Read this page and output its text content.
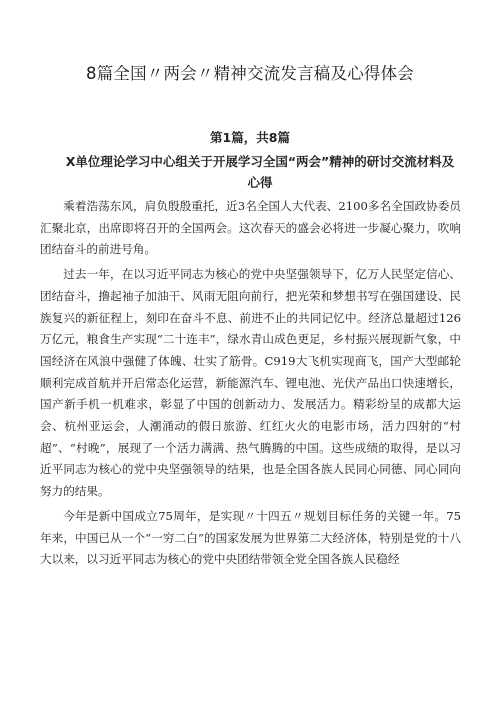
8篇全国〃两会〃精神交流发言稿及心得体会
第1篇，共8篇
X单位理论学习中心组关于开展学习全国“两会”精神的研讨交流材料及心得

乘着浩荡东风，肩负殷殷重托，近3名全国人大代表、2100多名全国政协委员汇聚北京，出席即将召开的全国两会。这次春天的盛会必将进一步凝心聚力，吹响团结奋斗的前进号角。

过去一年，在以习近平同志为核心的党中央坚强领导下，亿万人民坚定信心、团结奋斗，撸起袖子加油干、风雨无阻向前行，把光荣和梦想书写在强国建设、民族复兴的新征程上，刻印在奋斗不息、前进不止的共同记忆中。经济总量超过126万亿元，粮食生产实现“二十连丰”，绿水青山成色更足，乡村振兴展现新气象，中国经济在风浪中强健了体魄、壮实了筋骨。C919大飞机实现商飞，国产大型邮轮顺利完成首航并开启常态化运营，新能源汽车、锂电池、光伏产品出口快速增长，国产新手机一机难求，彰显了中国的创新动力、发展活力。精彩纷呈的成都大运会、杭州亚运会，人潮涌动的假日旅游、红红火火的电影市场，活力四射的“村超”、“村晚”，展现了一个活力满满、热气腾腾的中国。这些成绩的取得，是以习近平同志为核心的党中央坚强领导的结果，也是全国各族人民同心同德、同心同向努力的结果。

今年是新中国成立75周年，是实现〃十四五〃规划目标任务的关键一年。75年来，中国已从一个“一穷二白”的国家发展为世界第二大经济体，特别是党的十八大以来，以习近平同志为核心的党中央团结带领全党全国各族人民稳经
